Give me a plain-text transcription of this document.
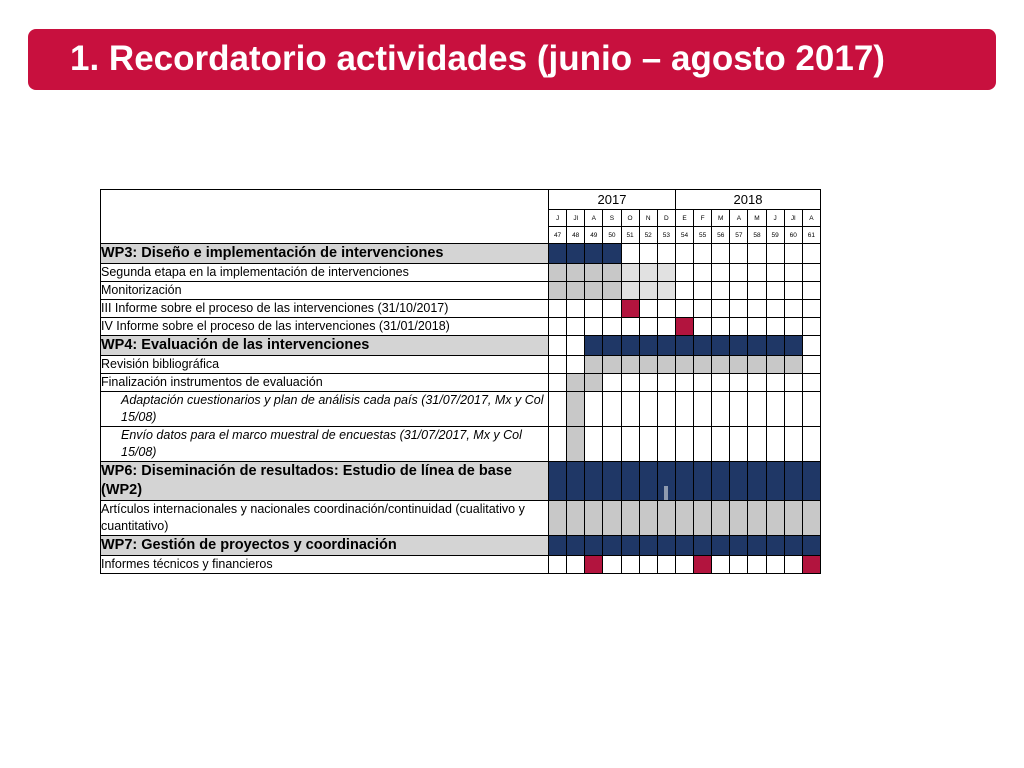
1. Recordatorio actividades (junio – agosto 2017)
	2017							2018							
	J	Jl	A	S	O	N	D	E	F	M	A	M	J	Jl	A
	47	48	49	50	51	52	53	54	55	56	57	58	59	60	61
WP3: Diseño e implementación de intervenciones															
Segunda etapa en la implementación de intervenciones															
Monitorización															
III Informe sobre el proceso de las intervenciones (31/10/2017)															
IV Informe sobre el proceso de las intervenciones (31/01/2018)															
WP4: Evaluación de las intervenciones															
Revisión bibliográfica															
Finalización instrumentos de evaluación															
Adaptación cuestionarios y plan de análisis cada país (31/07/2017, Mx y Col 15/08)															
Envío datos para el marco muestral de encuestas (31/07/2017, Mx y Col 15/08)															
WP6: Diseminación de resultados: Estudio de línea de base (WP2)							

Artículos internacionales y nacionales coordinación/continuidad (cualitativo y cuantitativo)															
WP7: Gestión de proyectos y coordinación															
Informes técnicos y financieros															
